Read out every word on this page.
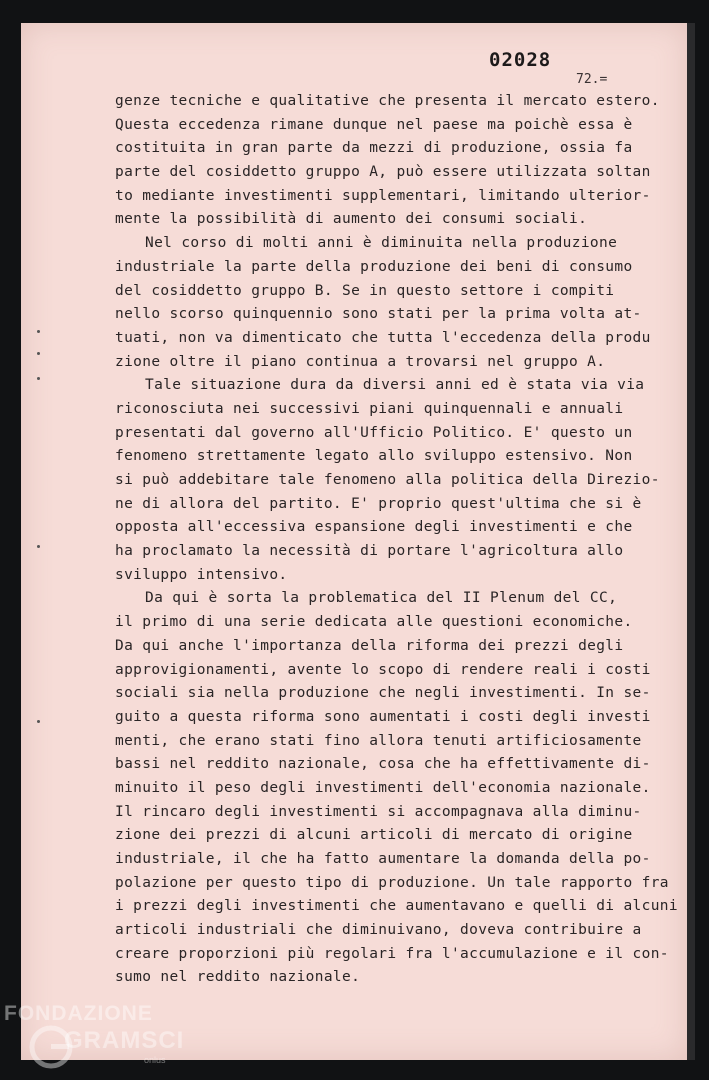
02028
72.=
genze tecniche e qualitative che presenta il mercato estero.
Questa eccedenza rimane dunque nel paese ma poichè essa è
costituita in gran parte da mezzi di produzione, ossia fa
parte del cosiddetto gruppo A, può essere utilizzata soltan
to mediante investimenti supplementari, limitando ulterior-
mente la possibilità di aumento dei consumi sociali.
Nel corso di molti anni è diminuita nella produzione
industriale la parte della produzione dei beni di consumo
del cosiddetto gruppo B. Se in questo settore i compiti
nello scorso quinquennio sono stati per la prima volta at-
tuati, non va dimenticato che tutta l'eccedenza della produ
zione oltre il piano continua a trovarsi nel gruppo A.
Tale situazione dura da diversi anni ed è stata via via
riconosciuta nei successivi piani quinquennali e annuali
presentati dal governo all'Ufficio Politico. E' questo un
fenomeno strettamente legato allo sviluppo estensivo. Non
si può addebitare tale fenomeno alla politica della Direzio-
ne di allora del partito. E' proprio quest'ultima che si è
opposta all'eccessiva espansione degli investimenti e che
ha proclamato la necessità di portare l'agricoltura allo
sviluppo intensivo.
Da qui è sorta la problematica del II Plenum del CC,
il primo di una serie dedicata alle questioni economiche.
Da qui anche l'importanza della riforma dei prezzi degli
approvigionamenti, avente lo scopo di rendere reali i costi
sociali sia nella produzione che negli investimenti. In se-
guito a questa riforma sono aumentati i costi degli investi
menti, che erano stati fino allora tenuti artificiosamente
bassi nel reddito nazionale, cosa che ha effettivamente di-
minuito il peso degli investimenti dell'economia nazionale.
Il rincaro degli investimenti si accompagnava alla diminu-
zione dei prezzi di alcuni articoli di mercato di origine
industriale, il che ha fatto aumentare la domanda della po-
polazione per questo tipo di produzione. Un tale rapporto fra
i prezzi degli investimenti che aumentavano e quelli di alcuni
articoli industriali che diminuivano, doveva contribuire a
creare proporzioni più regolari fra l'accumulazione e il con-
sumo nel reddito nazionale.
FONDAZIONE
GRAMSCI
onlus
